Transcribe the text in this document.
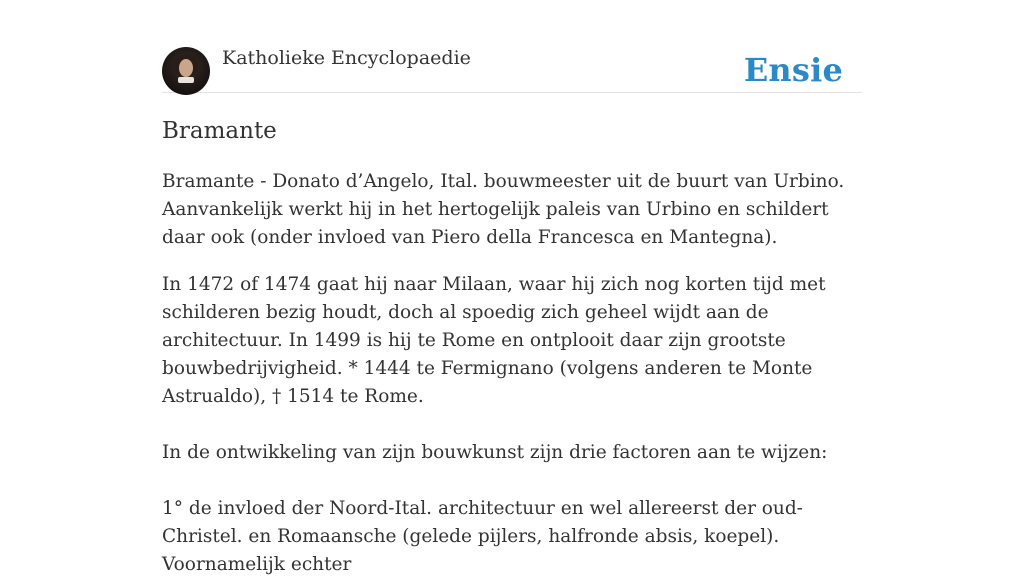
Katholieke Encyclopaedie	Ensie
Bramante

Bramante - Donato d’Angelo, Ital. bouwmeester uit de buurt van Urbino. Aanvankelijk werkt hij in het hertogelijk paleis van Urbino en schildert daar ook (onder invloed van Piero della Francesca en Mantegna).

In 1472 of 1474 gaat hij naar Milaan, waar hij zich nog korten tijd met schilderen bezig houdt, doch al spoedig zich geheel wijdt aan de architectuur. In 1499 is hij te Rome en ontplooit daar zijn grootste bouwbedrijvigheid. * 1444 te Fermignano (volgens anderen te Monte Astrualdo), † 1514 te Rome.

In de ontwikkeling van zijn bouwkunst zijn drie factoren aan te wijzen:

1° de invloed der Noord-Ital. architectuur en wel allereerst der oud-Christel. en Romaansche (gelede pijlers, halfronde absis, koepel). Voornamelijk echter
